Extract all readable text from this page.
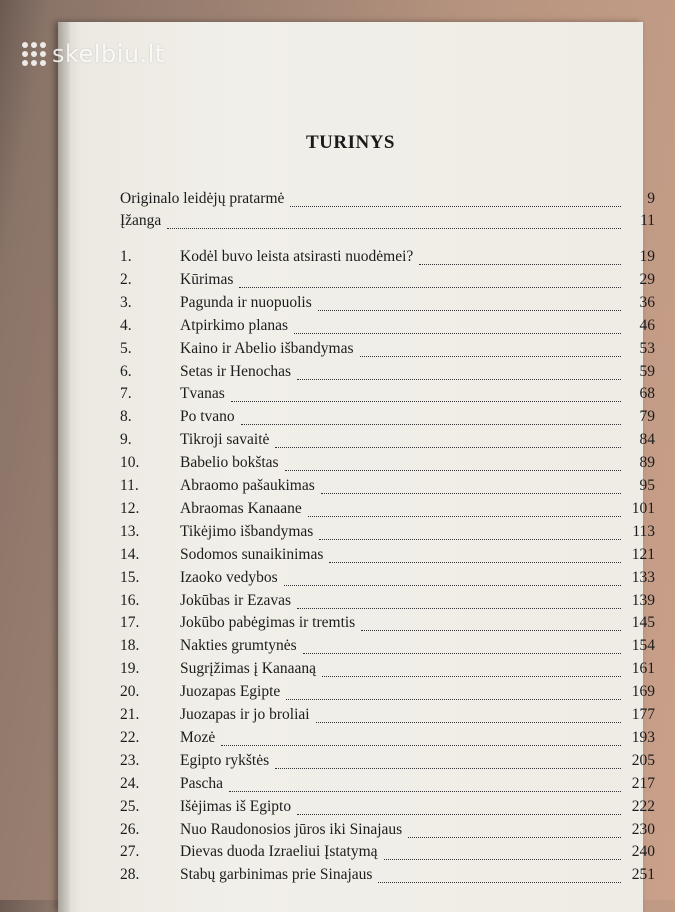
skelbiu.lt
TURINYS
Originalo leidėjų pratarmė	9
Įžanga	11
1.	Kodėl buvo leista atsirasti nuodėmei?	19
2.	Kūrimas	29
3.	Pagunda ir nuopuolis	36
4.	Atpirkimo planas	46
5.	Kaino ir Abelio išbandymas	53
6.	Setas ir Henochas	59
7.	Tvanas	68
8.	Po tvano	79
9.	Tikroji savaitė	84
10.	Babelio bokštas	89
11.	Abraomo pašaukimas	95
12.	Abraomas Kanaane	101
13.	Tikėjimo išbandymas	113
14.	Sodomos sunaikinimas	121
15.	Izaoko vedybos	133
16.	Jokūbas ir Ezavas	139
17.	Jokūbo pabėgimas ir tremtis	145
18.	Nakties grumtynės	154
19.	Sugrįžimas į Kanaaną	161
20.	Juozapas Egipte	169
21.	Juozapas ir jo broliai	177
22.	Mozė	193
23.	Egipto rykštės	205
24.	Pascha	217
25.	Išėjimas iš Egipto	222
26.	Nuo Raudonosios jūros iki Sinajaus	230
27.	Dievas duoda Izraeliui Įstatymą	240
28.	Stabų garbinimas prie Sinajaus	251
